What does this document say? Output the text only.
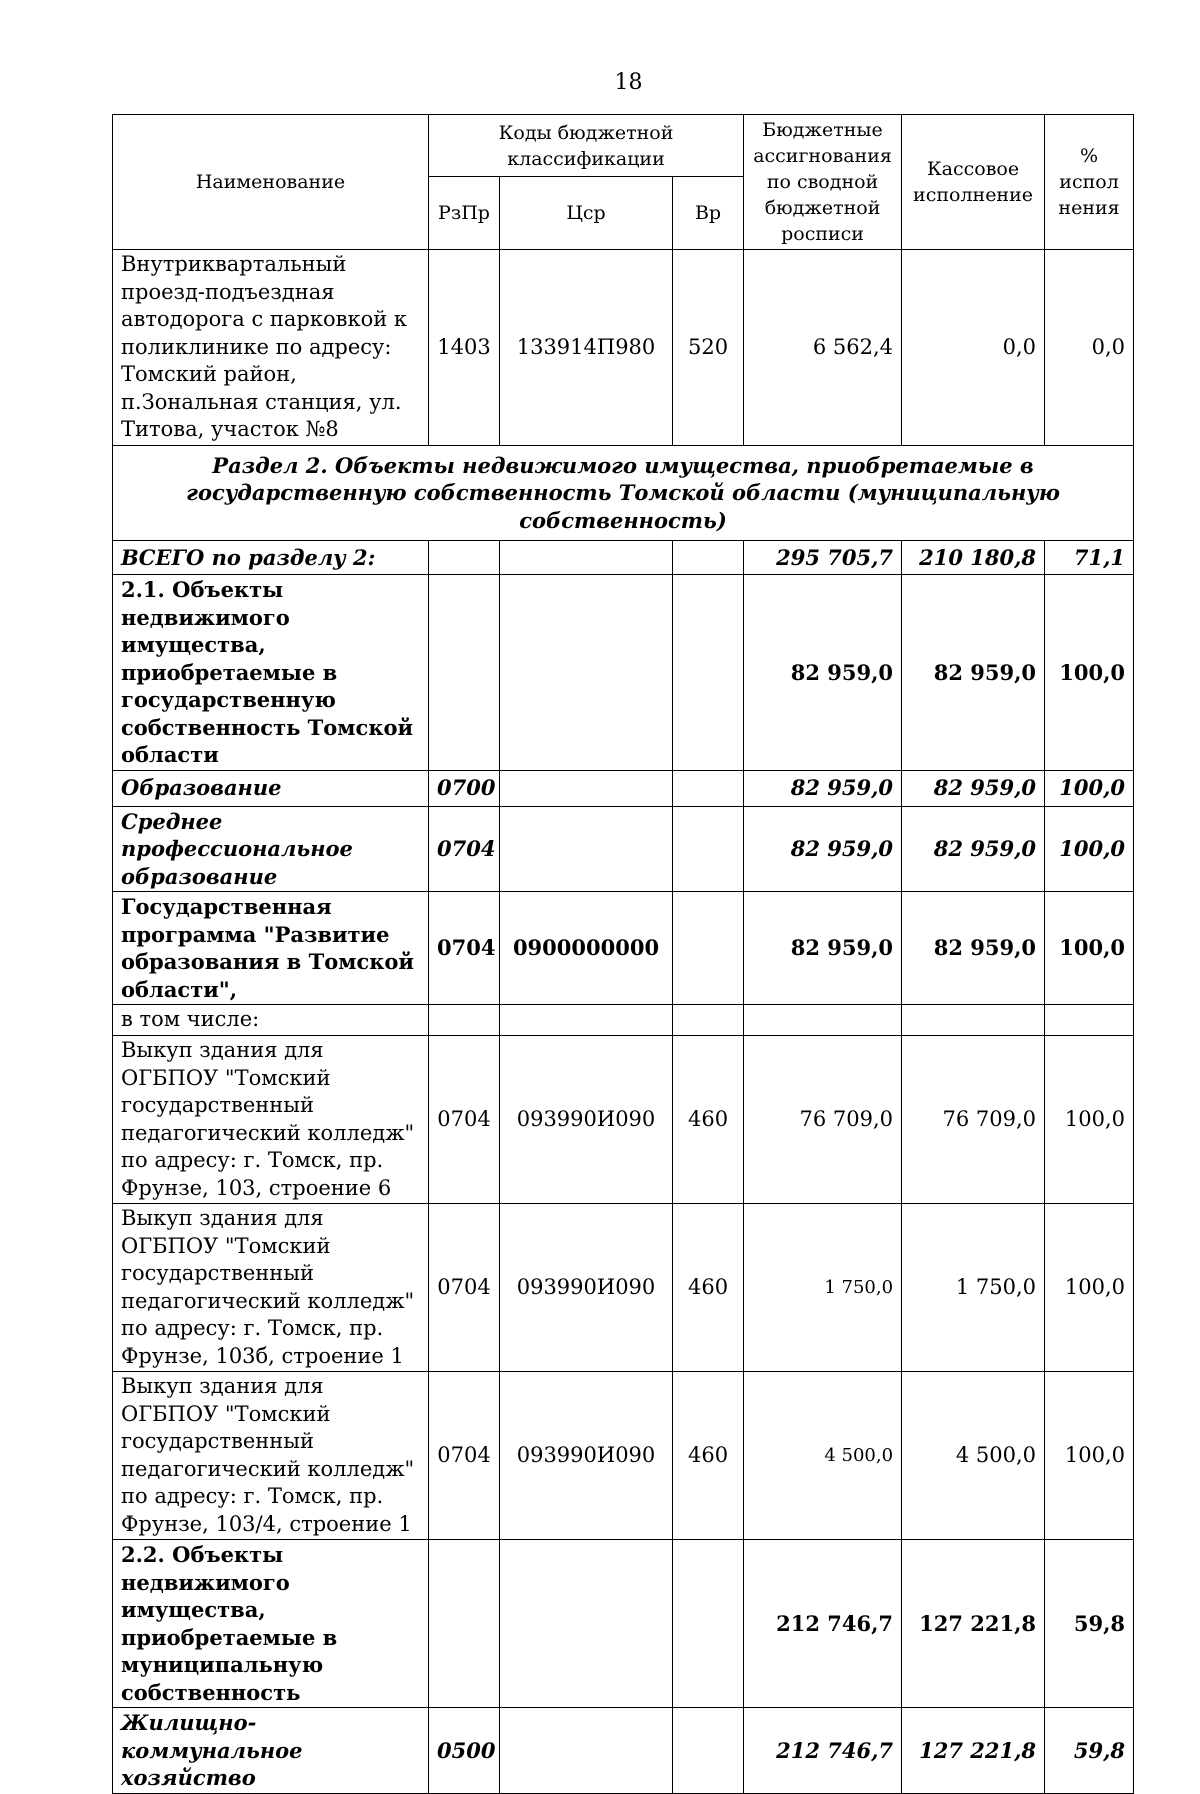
18
Наименование	Коды бюджетной классификации			Бюджетные ассигнования по сводной бюджетной росписи	Кассовое исполнение	% испол нения
	РзПр	Цср	Вр			
Внутриквартальный проезд-подъездная автодорога с парковкой к поликлинике по адресу: Томский район, п.Зональная станция, ул. Титова, участок №8	1403	133914П980	520	6 562,4	0,0	0,0
Раздел 2. Объекты недвижимого имущества, приобретаемые в государственную собственность Томской области (муниципальную собственность)						
ВСЕГО по разделу 2:				295 705,7	210 180,8	71,1
2.1. Объекты недвижимого имущества, приобретаемые в государственную собственность Томской области				82 959,0	82 959,0	100,0
Образование	0700			82 959,0	82 959,0	100,0
Среднее профессиональное образование	0704			82 959,0	82 959,0	100,0
Государственная программа "Развитие образования в Томской области",	0704	0900000000		82 959,0	82 959,0	100,0
в том числе:						
Выкуп здания для ОГБПОУ "Томский государственный педагогический колледж" по адресу: г. Томск, пр. Фрунзе, 103, строение 6	0704	093990И090	460	76 709,0	76 709,0	100,0
Выкуп здания для ОГБПОУ "Томский государственный педагогический колледж" по адресу: г. Томск, пр. Фрунзе, 103б, строение 1	0704	093990И090	460	1 750,0	1 750,0	100,0
Выкуп здания для ОГБПОУ "Томский государственный педагогический колледж" по адресу: г. Томск, пр. Фрунзе, 103/4, строение 1	0704	093990И090	460	4 500,0	4 500,0	100,0
2.2. Объекты недвижимого имущества, приобретаемые в муниципальную собственность				212 746,7	127 221,8	59,8
Жилищно-коммунальное хозяйство	0500			212 746,7	127 221,8	59,8
